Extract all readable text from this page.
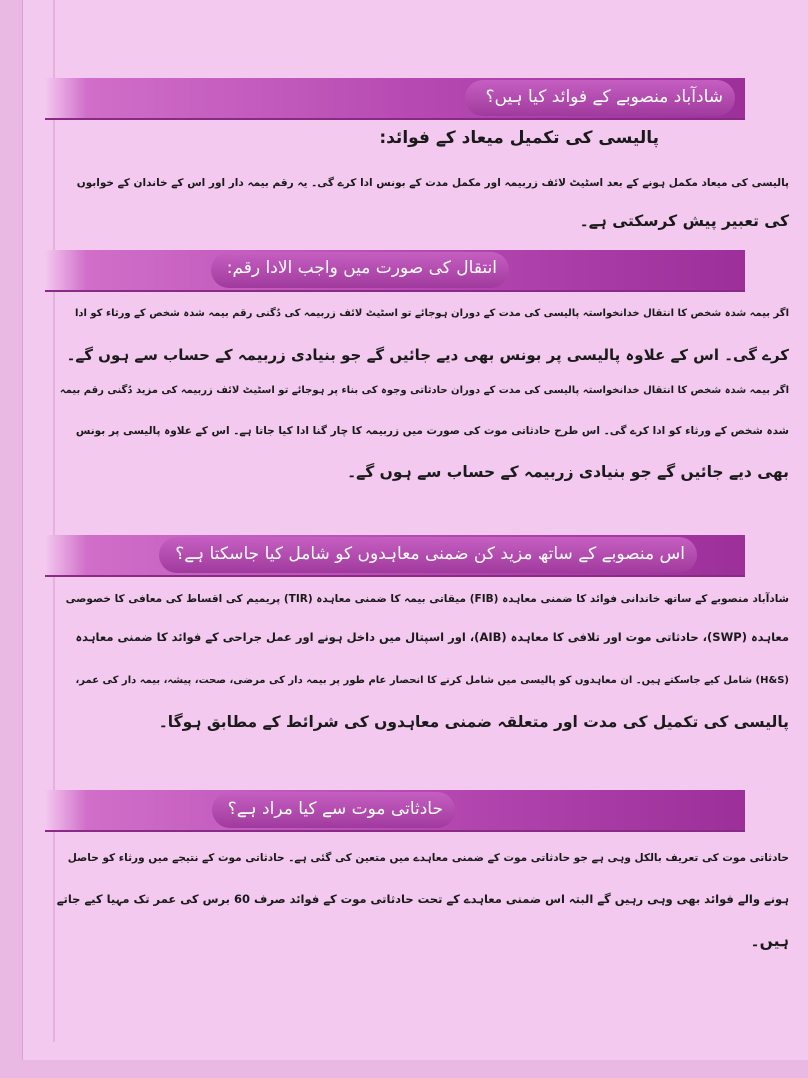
شادآباد منصوبے کے فوائد کیا ہیں؟
پالیسی کی تکمیل میعاد کے فوائد:
پالیسی کی میعاد مکمل ہونے کے بعد اسٹیٹ لائف زربیمہ اور مکمل مدت کے بونس ادا کرے گی۔ یہ رقم بیمہ دار اور اس کے خاندان کے خوابوں
کی تعبیر پیش کرسکتی ہے۔
انتقال کی صورت میں واجب الادا رقم:
اگر بیمہ شدہ شخص کا انتقال خدانخواستہ پالیسی کی مدت کے دوران ہوجائے تو اسٹیٹ لائف زربیمہ کی دُگنی رقم بیمہ شدہ شخص کے ورثاء کو ادا
کرے گی۔ اس کے علاوہ پالیسی پر بونس بھی دیے جائیں گے جو بنیادی زربیمہ کے حساب سے ہوں گے۔
اگر بیمہ شدہ شخص کا انتقال خدانخواستہ پالیسی کی مدت کے دوران حادثاتی وجوہ کی بناء پر ہوجائے تو اسٹیٹ لائف زربیمہ کی مزید دُگنی رقم بیمہ
شدہ شخص کے ورثاء کو ادا کرے گی۔ اس طرح حادثاتی موت کی صورت میں زربیمہ کا چار گنا ادا کیا جاتا ہے۔ اس کے علاوہ پالیسی پر بونس
بھی دیے جائیں گے جو بنیادی زربیمہ کے حساب سے ہوں گے۔
اس منصوبے کے ساتھ مزید کن ضمنی معاہدوں کو شامل کیا جاسکتا ہے؟
شادآباد منصوبے کے ساتھ خاندانی فوائد کا ضمنی معاہدہ (FIB) میقاتی بیمہ کا ضمنی معاہدہ (TIR) پریمیم کی اقساط کی معافی کا خصوصی
معاہدہ (SWP)، حادثاتی موت اور تلافی کا معاہدہ (AIB)، اور اسپتال میں داخل ہونے اور عمل جراحی کے فوائد کا ضمنی معاہدہ
(H&S) شامل کیے جاسکتے ہیں۔ ان معاہدوں کو پالیسی میں شامل کرنے کا انحصار عام طور پر بیمہ دار کی مرضی، صحت، پیشہ، بیمہ دار کی عمر،
پالیسی کی تکمیل کی مدت اور متعلقہ ضمنی معاہدوں کی شرائط کے مطابق ہوگا۔
حادثاتی موت سے کیا مراد ہے؟
حادثاتی موت کی تعریف بالکل وہی ہے جو حادثاتی موت کے ضمنی معاہدے میں متعین کی گئی ہے۔ حادثاتی موت کے نتیجے میں ورثاء کو حاصل
ہونے والے فوائد بھی وہی رہیں گے البتہ اس ضمنی معاہدے کے تحت حادثاتی موت کے فوائد صرف 60 برس کی عمر تک مہیا کیے جاتے
ہیں۔
